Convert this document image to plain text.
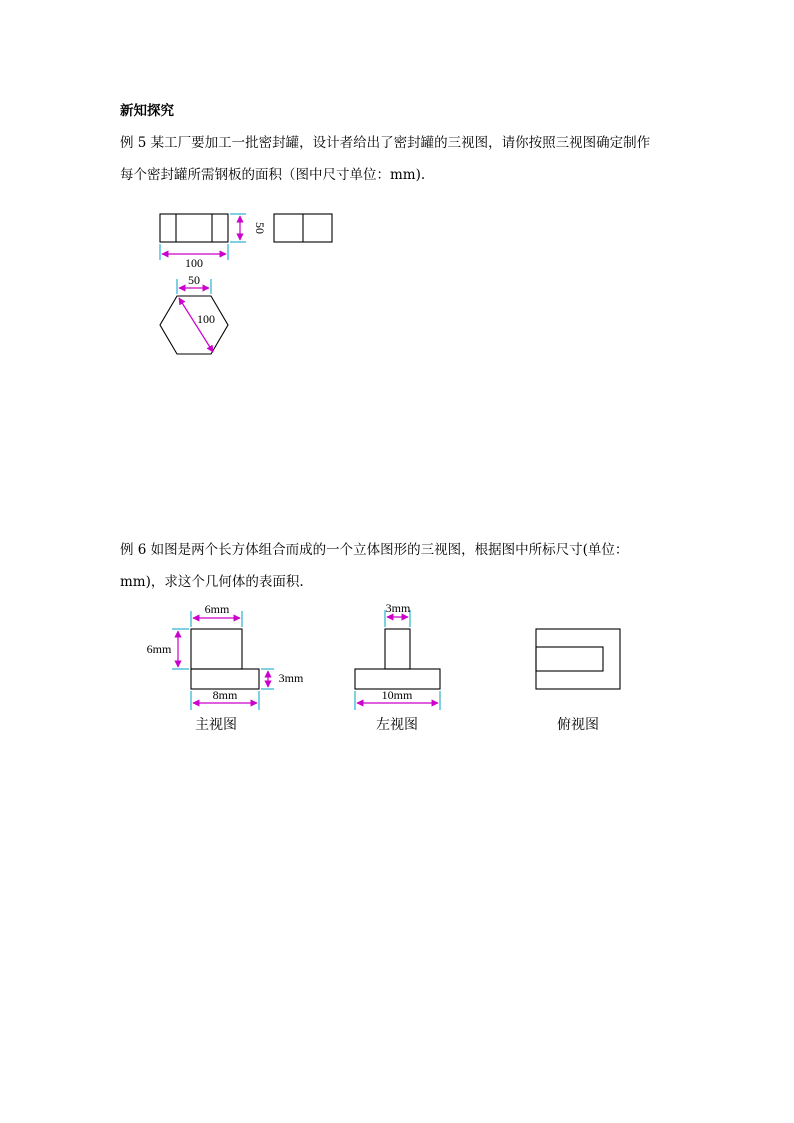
新知探究
例 5 某工厂要加工一批密封罐，设计者给出了密封罐的三视图，请你按照三视图确定制作
每个密封罐所需钢板的面积（图中尺寸单位：mm).
例 6 如图是两个长方体组合而成的一个立体图形的三视图，根据图中所标尺寸(单位：
mm)，求这个几何体的表面积.
50
100
50
100
6mm
6mm
3mm
8mm
主视图
3mm
10mm
左视图	俯视图
